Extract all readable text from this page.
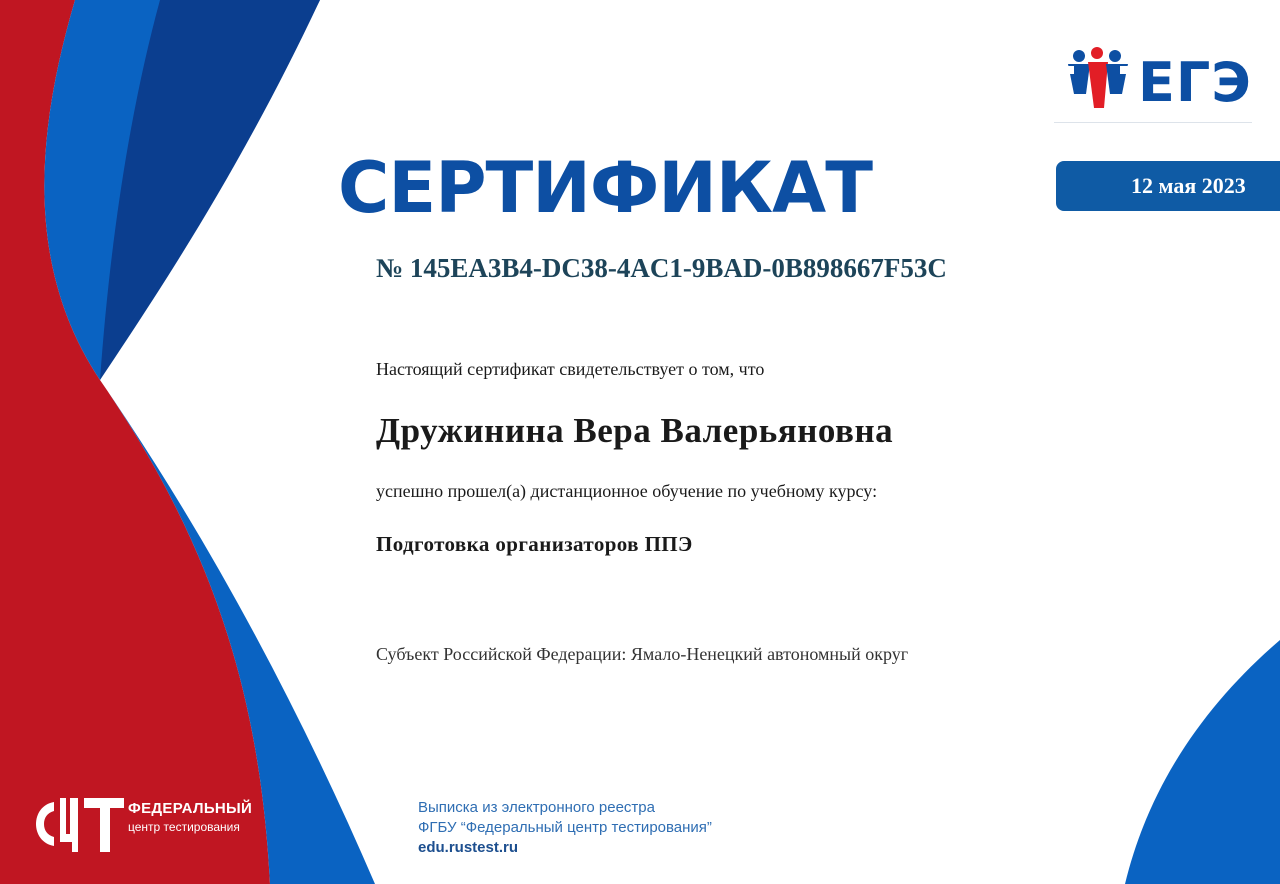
ЕГЭ
СЕРТИФИКАТ	12 мая 2023
№ 145EA3B4-DC38-4AC1-9BAD-0B898667F53C
Настоящий сертификат свидетельствует о том, что
Дружинина Вера Валерьяновна
успешно прошел(а) дистанционное обучение по учебному курсу:
Подготовка организаторов ППЭ
Субъект Российской Федерации: Ямало-Ненецкий автономный округ
ФЕДЕРАЛЬНЫЙ
центр тестирования
Выписка из электронного реестра
ФГБУ “Федеральный центр тестирования”
edu.rustest.ru
